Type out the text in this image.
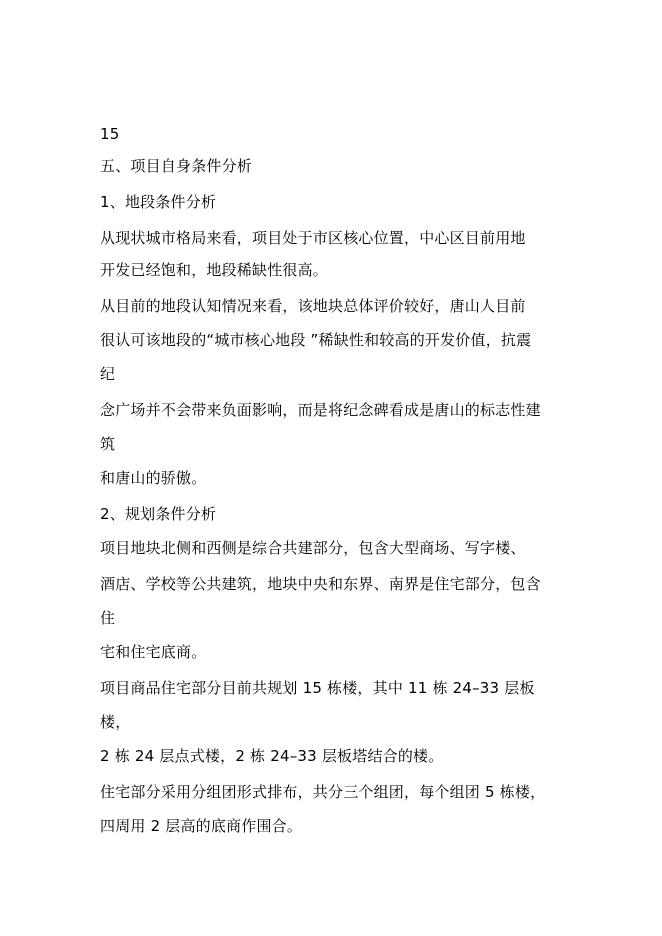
15
五、项目自身条件分析
1、地段条件分析
从现状城市格局来看，项目处于市区核心位置，中心区目前用地
开发已经饱和，地段稀缺性很高。
从目前的地段认知情况来看，该地块总体评价较好，唐山人目前
很认可该地段的“城市核心地段 ”稀缺性和较高的开发价值，抗震
纪
念广场并不会带来负面影响，而是将纪念碑看成是唐山的标志性建
筑
和唐山的骄傲。
2、规划条件分析
项目地块北侧和西侧是综合共建部分，包含大型商场、写字楼、
酒店、学校等公共建筑，地块中央和东界、南界是住宅部分，包含
住
宅和住宅底商。
项目商品住宅部分目前共规划 15 栋楼，其中 11 栋 24–33 层板
楼，
2 栋 24 层点式楼，2 栋 24–33 层板塔结合的楼。
住宅部分采用分组团形式排布，共分三个组团，每个组团 5 栋楼，
四周用 2 层高的底商作围合。
